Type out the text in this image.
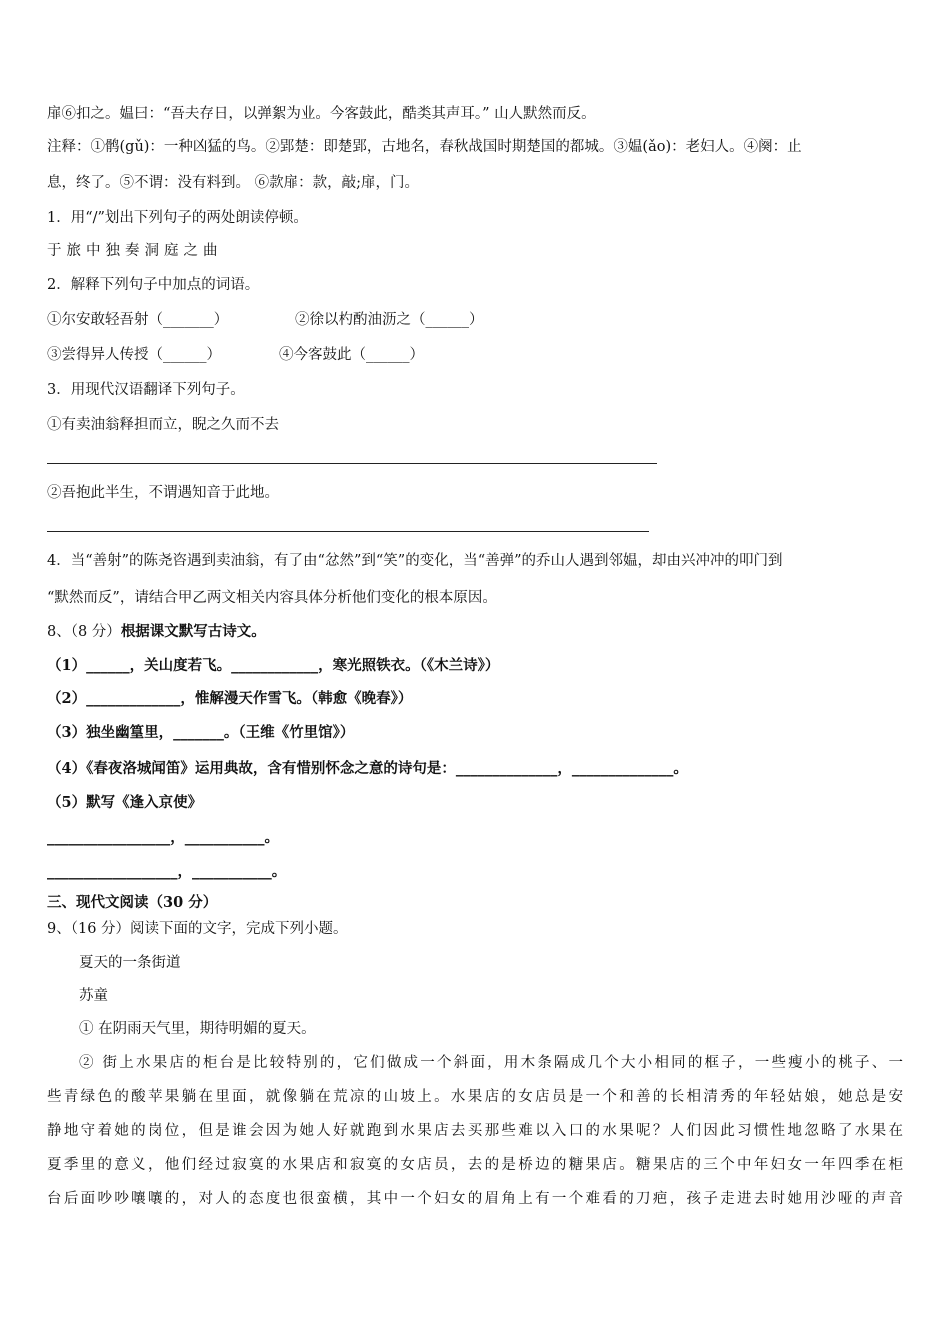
扉⑥扣之。媪曰：“吾夫存日，以弹絮为业。今客鼓此，酷类其声耳。” 山人默然而反。
注释：①鹘(gǔ)：一种凶猛的鸟。②郢楚：即楚郢，古地名，春秋战国时期楚国的都城。③媪(ǎo)：老妇人。④阕：止
息，终了。⑤不谓：没有料到。 ⑥款扉：款，敲;扉，门。
1．用“/”划出下列句子的两处朗读停顿。
于旅中独奏洞庭之曲
2．解释下列句子中加点的词语。
①尔安敢轻吾射（_______）	②徐以杓酌油沥之（______）
③尝得异人传授（______）	④今客鼓此（______）
3．用现代汉语翻译下列句子。
①有卖油翁释担而立，睨之久而不去
②吾抱此半生，不谓遇知音于此地。
4．当“善射”的陈尧咨遇到卖油翁，有了由“忿然”到“笑”的变化，当“善弹”的乔山人遇到邻媪，却由兴冲冲的叩门到
“默然而反”，请结合甲乙两文相关内容具体分析他们变化的根本原因。
8、（8 分）根据课文默写古诗文。
（1）______，关山度若飞。____________，寒光照铁衣。（《木兰诗》）
（2）_____________，惟解漫天作雪飞。（韩愈《晚春》）
（3）独坐幽篁里，_______。（王维《竹里馆》）
（4）《春夜洛城闻笛》运用典故，含有惜别怀念之意的诗句是：______________，______________。
（5）默写《逢入京使》
_________________，___________。
__________________，___________。
三、现代文阅读（30 分）
9、（16 分）阅读下面的文字，完成下列小题。
夏天的一条街道
苏童
① 在阴雨天气里，期待明媚的夏天。
② 街上水果店的柜台是比较特别的，它们做成一个斜面，用木条隔成几个大小相同的框子，一些瘦小的桃子、一
些青绿色的酸苹果躺在里面，就像躺在荒凉的山坡上。水果店的女店员是一个和善的长相清秀的年轻姑娘，她总是安
静地守着她的岗位，但是谁会因为她人好就跑到水果店去买那些难以入口的水果呢？人们因此习惯性地忽略了水果在
夏季里的意义，他们经过寂寞的水果店和寂寞的女店员，去的是桥边的糖果店。糖果店的三个中年妇女一年四季在柜
台后面吵吵嚷嚷的，对人的态度也很蛮横，其中一个妇女的眉角上有一个难看的刀疤，孩子走进去时她用沙哑的声音
